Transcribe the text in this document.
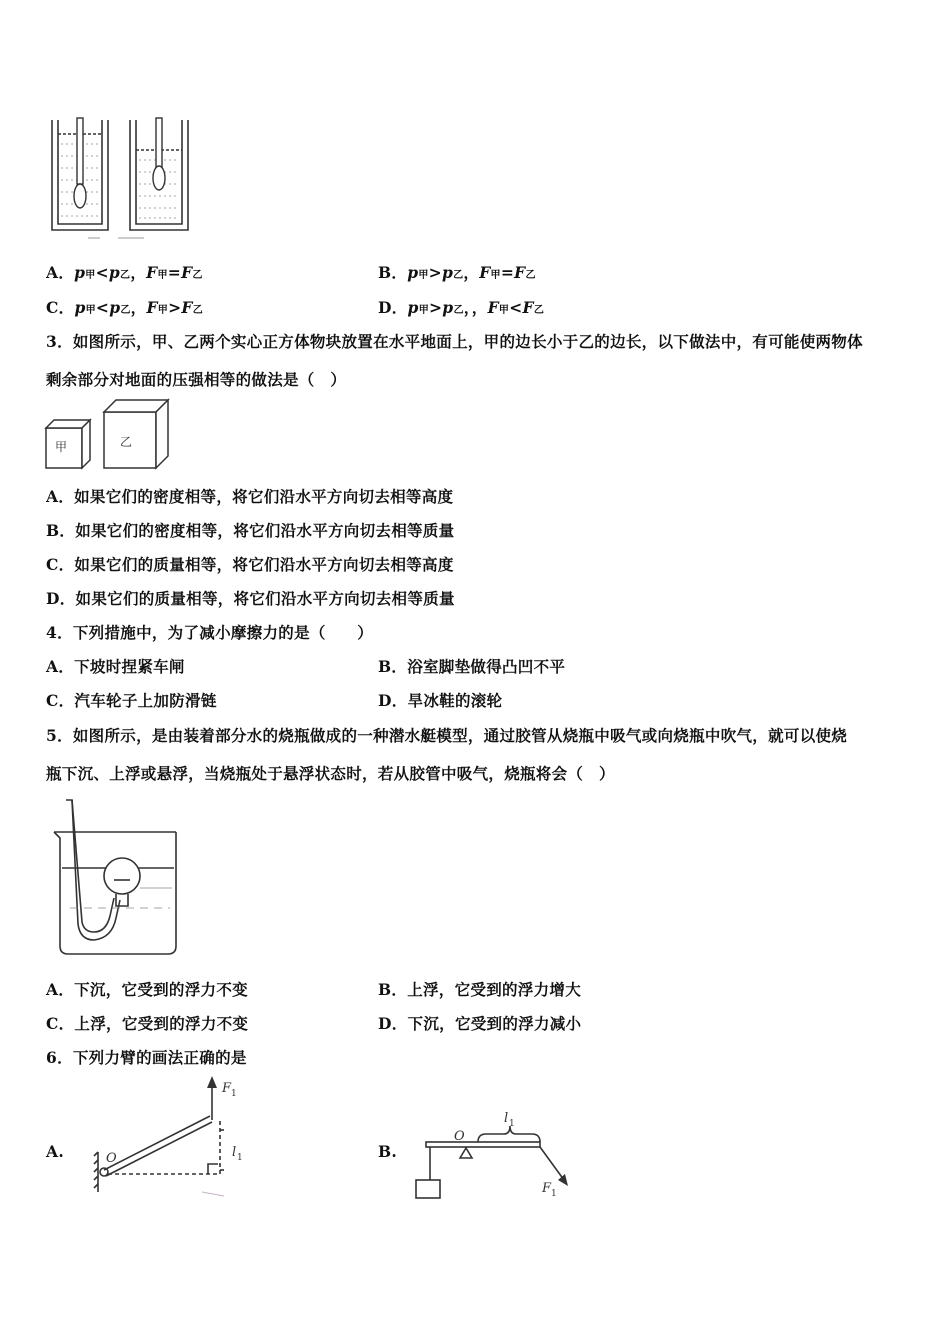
A．p甲<p乙，F甲=F乙	B．p甲>p乙，F甲=F乙
C．p甲<p乙，F甲>F乙	D．p甲>p乙，，F甲<F乙
3．如图所示，甲、乙两个实心正方体物块放置在水平地面上，甲的边长小于乙的边长，以下做法中，有可能使两物体
剩余部分对地面的压强相等的做法是（　）
甲	乙
A．如果它们的密度相等，将它们沿水平方向切去相等高度
B．如果它们的密度相等，将它们沿水平方向切去相等质量
C．如果它们的质量相等，将它们沿水平方向切去相等高度
D．如果它们的质量相等，将它们沿水平方向切去相等质量
4．下列措施中，为了减小摩擦力的是（　　）
A．下坡时捏紧车闸	B．浴室脚垫做得凸凹不平
C．汽车轮子上加防滑链	D．旱冰鞋的滚轮
5．如图所示，是由装着部分水的烧瓶做成的一种潜水艇模型，通过胶管从烧瓶中吸气或向烧瓶中吹气，就可以使烧
瓶下沉、上浮或悬浮，当烧瓶处于悬浮状态时，若从胶管中吸气，烧瓶将会（　）
A．下沉，它受到的浮力不变	B．上浮，它受到的浮力增大
C．上浮，它受到的浮力不变	D．下沉，它受到的浮力减小
6．下列力臂的画法正确的是
A.
F 1
O	l 1	B.
O
l 1
F 1
